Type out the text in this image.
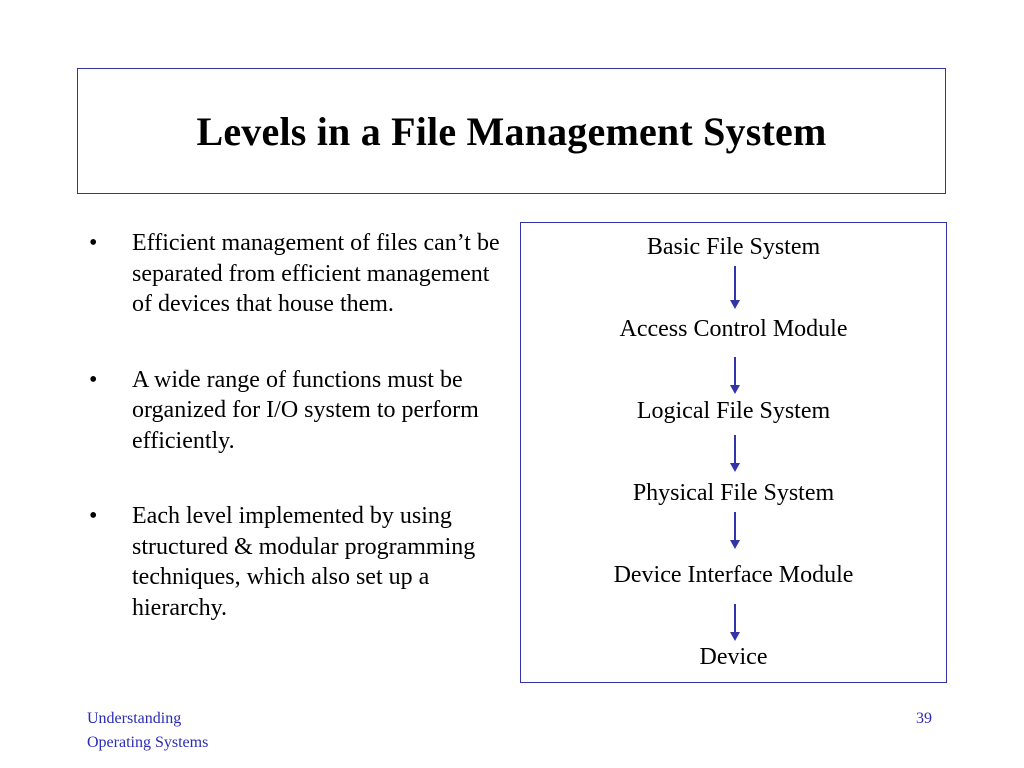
Levels in a File Management System
•	Efficient management of files can’t be separated from efficient management of devices that house them.
•	A wide range of functions must be organized for I/O system to perform efficiently.
•	Each level implemented by using structured & modular programming techniques, which also set up a hierarchy.
Basic File System
Access Control Module
Logical File System
Physical File System
Device Interface Module
Device
Understanding
Operating Systems
39
